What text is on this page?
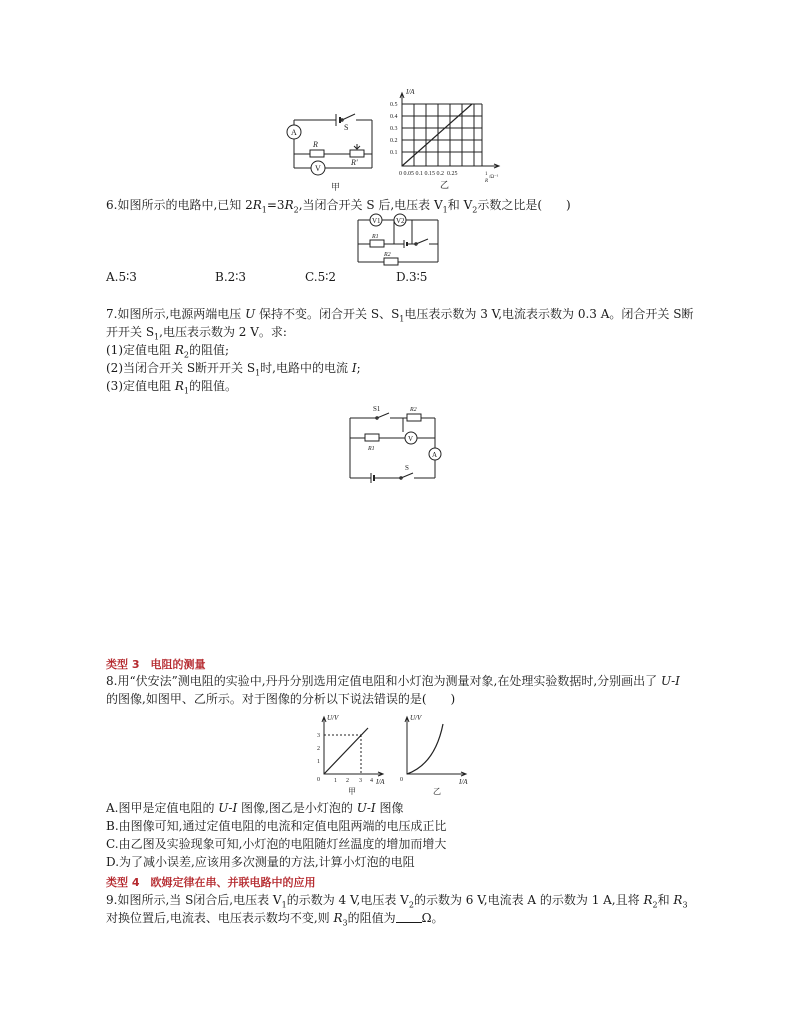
A
V
S
R
R'
甲
I/A
0.5
0.4
0.3
0.2
0.1
0 0.05 0.1 0.15 0.2  0.25	1
R
/Ω⁻¹
乙
6.如图所示的电路中,已知 $2R_1=3R_2$,当闭合开关 S 后,电压表 $V_1$和 $V_2$示数之比是(　　)
V1 V2
R1
R2
A.5∶3	B.2∶3	C.5∶2	D.3∶5
7.如图所示,电源两端电压 U 保持不变。闭合开关 S、$S_1$电压表示数为 3 V,电流表示数为 0.3 A。闭合开关 S断
开开关 $S_1$,电压表示数为 2 V。求:
(1)定值电阻 $R_2$的阻值;
(2)当闭合开关 S断开开关 $S_1$时,电路中的电流 I;
(3)定值电阻 $R_1$的阻值。
S1	R2
R1
V
A
S
类型 3　电阻的测量
8.用“伏安法”测电阻的实验中,丹丹分别选用定值电阻和小灯泡为测量对象,在处理实验数据时,分别画出了 U-I
的图像,如图甲、乙所示。对于图像的分析以下说法错误的是(　　)
U/V
I/A
0
1
2
3
1 2 3 4
甲
U/V
I/A
0
乙
A.图甲是定值电阻的 U-I 图像,图乙是小灯泡的 U-I 图像
B.由图像可知,通过定值电阻的电流和定值电阻两端的电压成正比
C.由乙图及实验现象可知,小灯泡的电阻随灯丝温度的增加而增大
D.为了减小误差,应该用多次测量的方法,计算小灯泡的电阻
类型 4　欧姆定律在串、并联电路中的应用
9.如图所示,当 S闭合后,电压表 $V_1$的示数为 4 V,电压表 $V_2$的示数为 6 V,电流表 A 的示数为 1 A,且将 $R_2$和 $R_3$
对换位置后,电流表、电压表示数均不变,则 $R_3$的阻值为 Ω。
